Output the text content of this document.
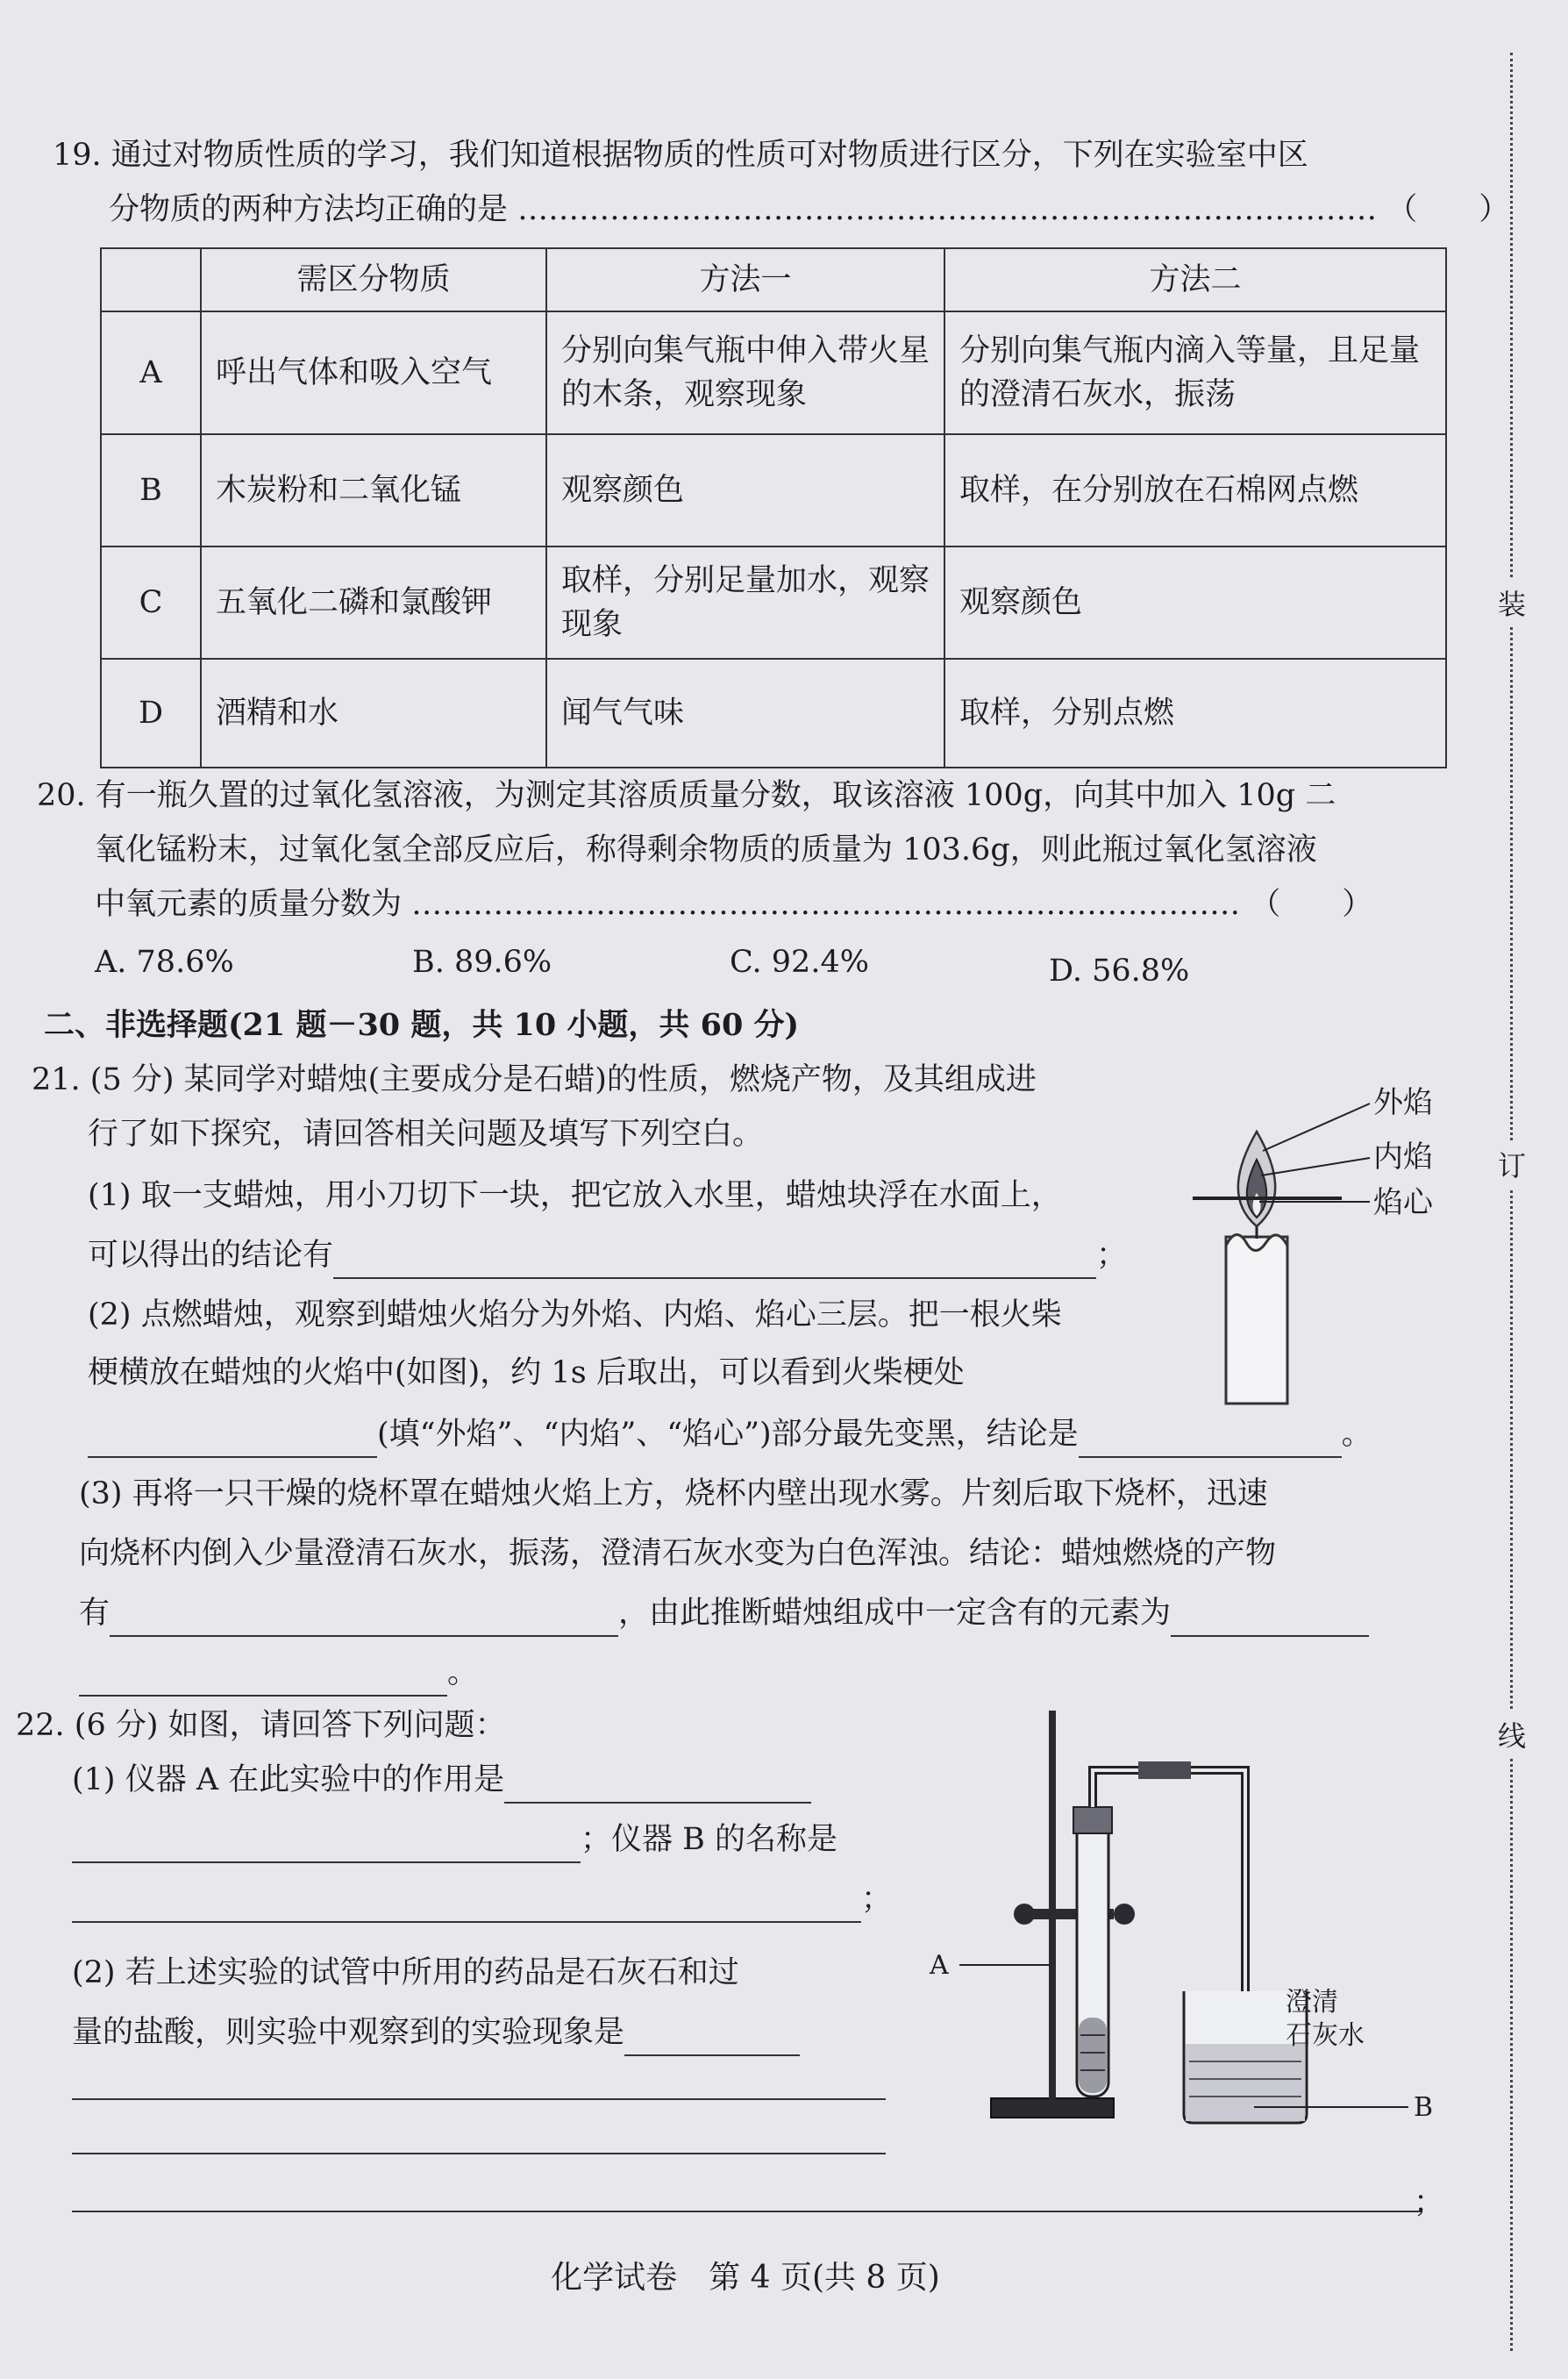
19. 通过对物质性质的学习，我们知道根据物质的性质可对物质进行区分，下列在实验室中区
分物质的两种方法均正确的是 ………………………………………………………………………… （　　）
	需区分物质	方法一	方法二
A	呼出气体和吸入空气	分别向集气瓶中伸入带火星的木条，观察现象	分别向集气瓶内滴入等量，且足量的澄清石灰水，振荡
B	木炭粉和二氧化锰	观察颜色	取样，在分别放在石棉网点燃
C	五氧化二磷和氯酸钾	取样，分别足量加水，观察现象	观察颜色
D	酒精和水	闻气气味	取样，分别点燃
20. 有一瓶久置的过氧化氢溶液，为测定其溶质质量分数，取该溶液 100g，向其中加入 10g 二
氧化锰粉末，过氧化氢全部反应后，称得剩余物质的质量为 103.6g，则此瓶过氧化氢溶液
中氧元素的质量分数为 ……………………………………………………………………… （　　）
A. 78.6%	B. 89.6%	C. 92.4%	D. 56.8%
二、非选择题(21 题－30 题，共 10 小题，共 60 分)
21. (5 分) 某同学对蜡烛(主要成分是石蜡)的性质，燃烧产物，及其组成进
行了如下探究，请回答相关问题及填写下列空白。
(1) 取一支蜡烛，用小刀切下一块，把它放入水里，蜡烛块浮在水面上，
可以得出的结论有	；
(2) 点燃蜡烛，观察到蜡烛火焰分为外焰、内焰、焰心三层。把一根火柴
梗横放在蜡烛的火焰中(如图)，约 1s 后取出，可以看到火柴梗处
(填“外焰”、“内焰”、“焰心”)部分最先变黑，结论是	。
(3) 再将一只干燥的烧杯罩在蜡烛火焰上方，烧杯内壁出现水雾。片刻后取下烧杯，迅速
向烧杯内倒入少量澄清石灰水，振荡，澄清石灰水变为白色浑浊。结论：蜡烛燃烧的产物
有	，由此推断蜡烛组成中一定含有的元素为
。
外焰
内焰
焰心
22. (6 分) 如图，请回答下列问题：
(1) 仪器 A 在此实验中的作用是
；仪器 B 的名称是
；
(2) 若上述实验的试管中所用的药品是石灰石和过
量的盐酸，则实验中观察到的实验现象是
；
A
B
澄清
石灰水
装
订
线
化学试卷　第 4 页(共 8 页)
